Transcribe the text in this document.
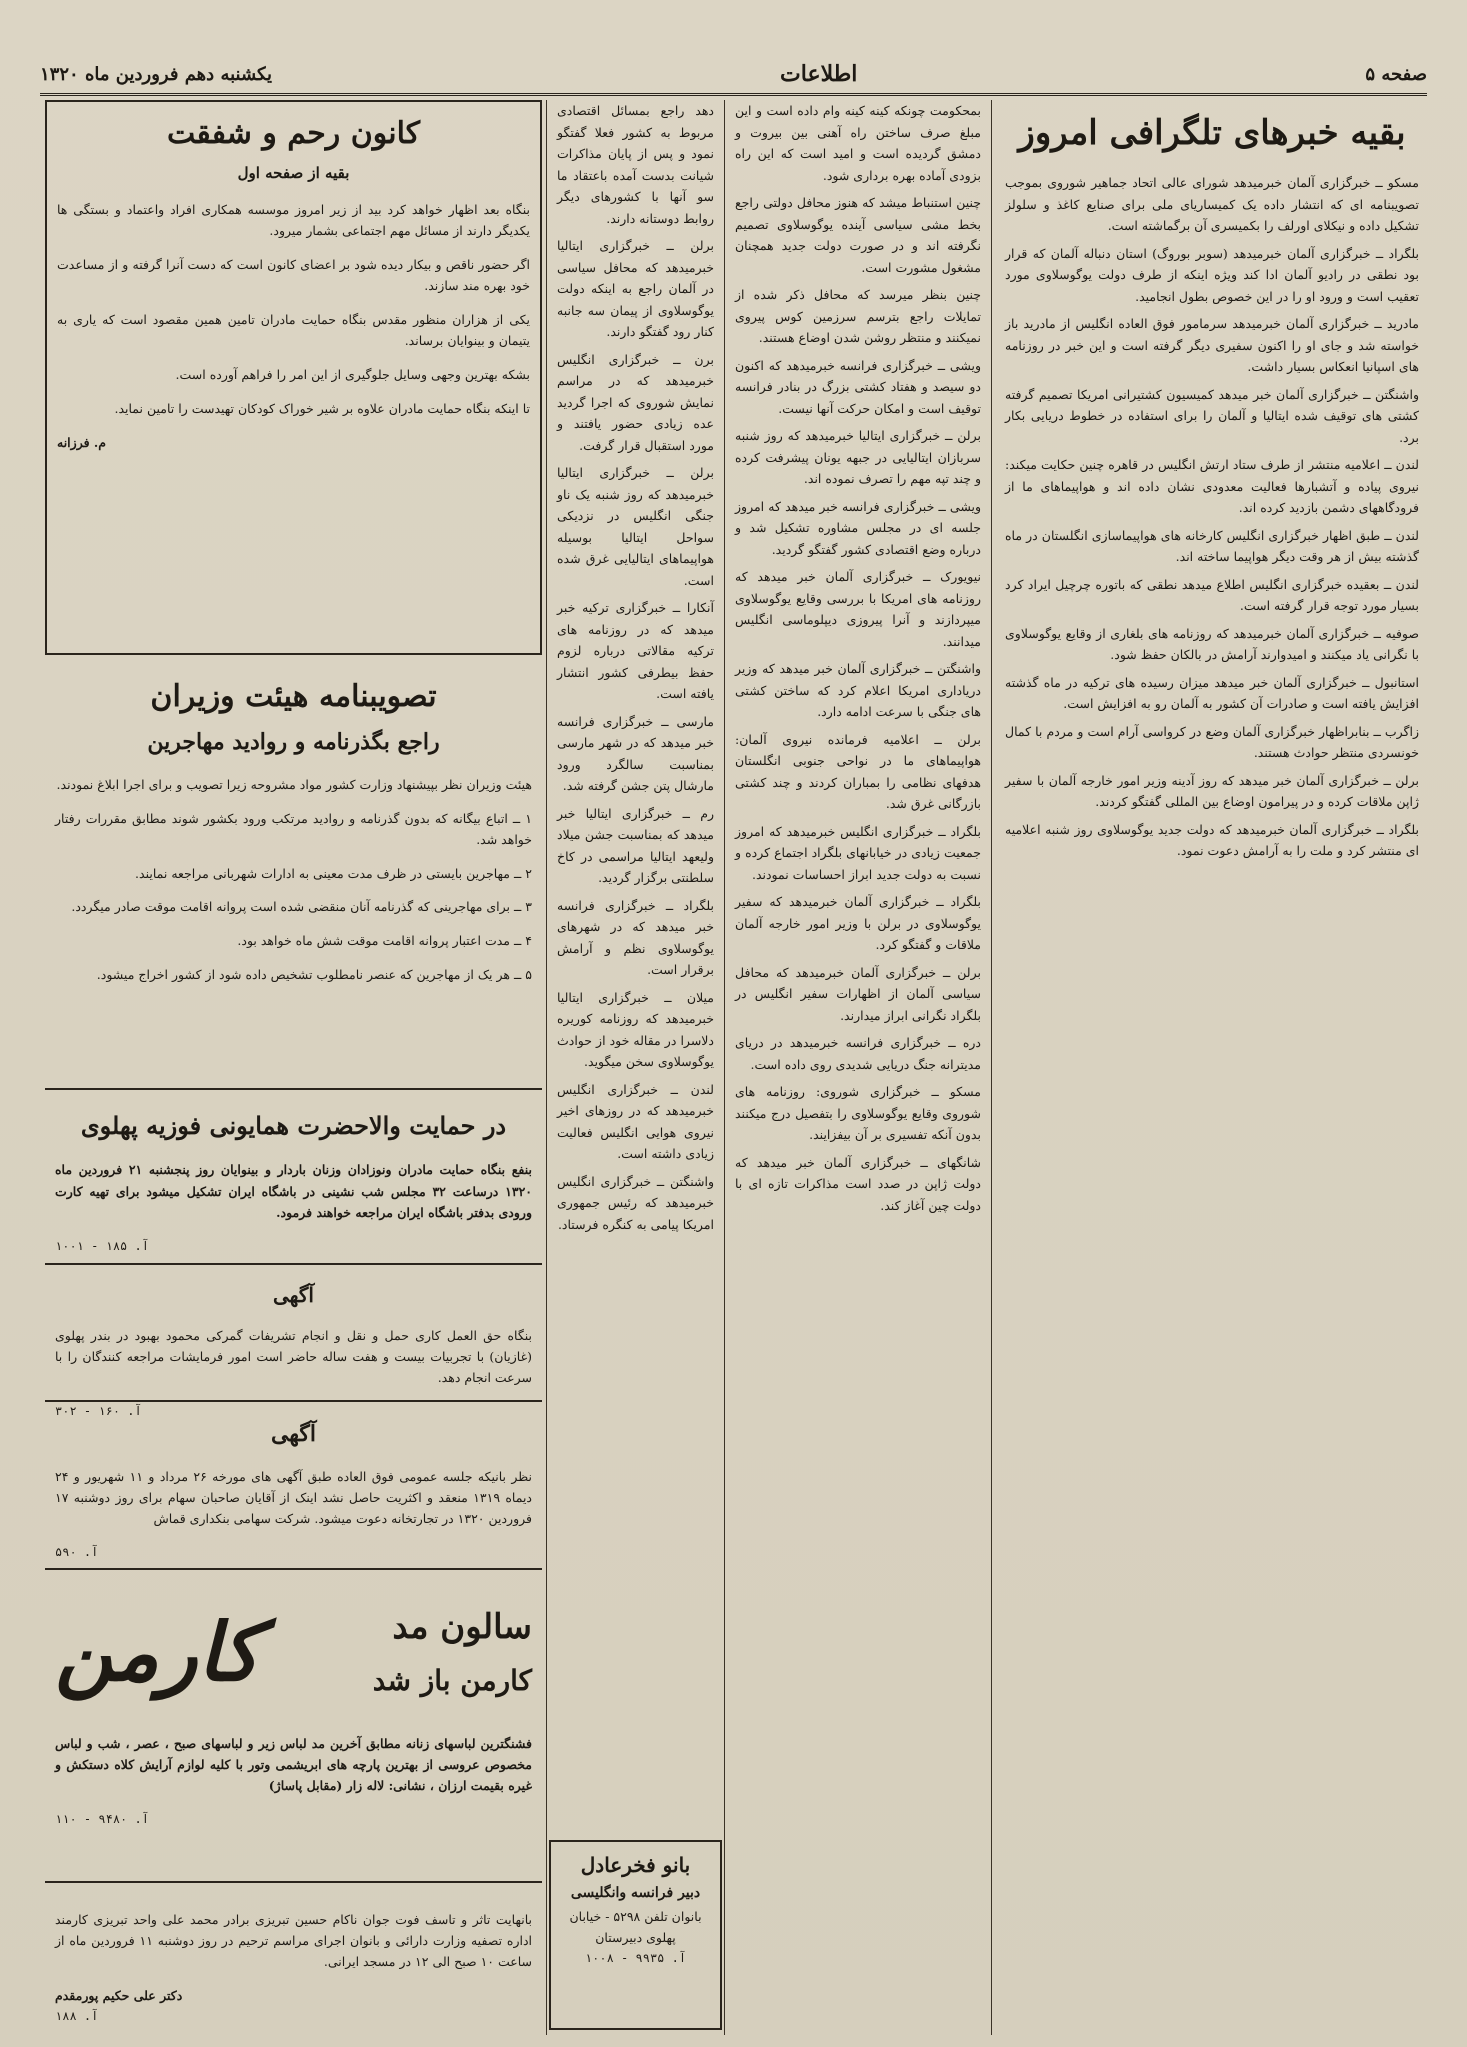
صفحه ۵
اطلاعات
یکشنبه دهم فروردین ماه ۱۳۲۰
بقیه خبرهای تلگرافی امروز

مسکو ــ خبرگزاری آلمان خبرمیدهد شورای عالی اتحاد جماهیر شوروی بموجب تصویبنامه ای که انتشار داده یک کمیساریای ملی برای صنایع کاغذ و سلولز تشکیل داده و نیکلای اورلف را بکمیسری آن برگماشته است.

بلگراد ــ خبرگزاری آلمان خبرمیدهد (سوبر بوروگ) استان دنباله آلمان که قرار بود نطقی در رادیو آلمان ادا کند ویژه اینکه از طرف دولت یوگوسلاوی مورد تعقیب است و ورود او را در این خصوص بطول انجامید.

مادرید ــ خبرگزاری آلمان خبرمیدهد سرمامور فوق العاده انگلیس از مادرید باز خواسته شد و جای او را اکنون سفیری دیگر گرفته است و این خبر در روزنامه های اسپانیا انعکاس بسیار داشت.

واشنگتن ــ خبرگزاری آلمان خبر میدهد کمیسیون کشتیرانی امریکا تصمیم گرفته کشتی های توقیف شده ایتالیا و آلمان را برای استفاده در خطوط دریایی بکار برد.

لندن ــ اعلامیه منتشر از طرف ستاد ارتش انگلیس در قاهره چنین حکایت میکند: نیروی پیاده و آتشبارها فعالیت معدودی نشان داده اند و هواپیماهای ما از فرودگاههای دشمن بازدید کرده اند.

لندن ــ طبق اظهار خبرگزاری انگلیس کارخانه های هواپیماسازی انگلستان در ماه گذشته بیش از هر وقت دیگر هواپیما ساخته اند.

لندن ــ بعقیده خبرگزاری انگلیس اطلاع میدهد نطقی که باتوره چرچیل ایراد کرد بسیار مورد توجه قرار گرفته است.

صوفیه ــ خبرگزاری آلمان خبرمیدهد که روزنامه های بلغاری از وقایع یوگوسلاوی با نگرانی یاد میکنند و امیدوارند آرامش در بالکان حفظ شود.

استانبول ــ خبرگزاری آلمان خبر میدهد میزان رسیده های ترکیه در ماه گذشته افزایش یافته است و صادرات آن کشور به آلمان رو به افزایش است.

زاگرب ــ بنابراظهار خبرگزاری آلمان وضع در کرواسی آرام است و مردم با کمال خونسردی منتظر حوادث هستند.

برلن ــ خبرگزاری آلمان خبر میدهد که روز آدینه وزیر امور خارجه آلمان با سفیر ژاپن ملاقات کرده و در پیرامون اوضاع بین المللی گفتگو کردند.

بلگراد ــ خبرگزاری آلمان خبرمیدهد که دولت جدید یوگوسلاوی روز شنبه اعلامیه ای منتشر کرد و ملت را به آرامش دعوت نمود.

بمحکومت چونکه کینه کینه وام داده است و این مبلغ صرف ساختن راه آهنی بین بیروت و دمشق گردیده است و امید است که این راه بزودی آماده بهره برداری شود.

چنین استنباط میشد که هنوز محافل دولتی راجع بخط مشی سیاسی آینده یوگوسلاوی تصمیم نگرفته اند و در صورت دولت جدید همچنان مشغول مشورت است.

چنین بنظر میرسد که محافل ذکر شده از تمایلات راجع بترسم سرزمین کوس پیروی نمیکنند و منتظر روشن شدن اوضاع هستند.

ویشی ــ خبرگزاری فرانسه خبرمیدهد که اکنون دو سیصد و هفتاد کشتی بزرگ در بنادر فرانسه توقیف است و امکان حرکت آنها نیست.

برلن ــ خبرگزاری ایتالیا خبرمیدهد که روز شنبه سربازان ایتالیایی در جبهه یونان پیشرفت کرده و چند تپه مهم را تصرف نموده اند.

ویشی ــ خبرگزاری فرانسه خبر میدهد که امروز جلسه ای در مجلس مشاوره تشکیل شد و درباره وضع اقتصادی کشور گفتگو گردید.

نیویورک ــ خبرگزاری آلمان خبر میدهد که روزنامه های امریکا با بررسی وقایع یوگوسلاوی میپردازند و آنرا پیروزی دیپلوماسی انگلیس میدانند.

واشنگتن ــ خبرگزاری آلمان خبر میدهد که وزیر دریاداری امریکا اعلام کرد که ساختن کشتی های جنگی با سرعت ادامه دارد.

برلن ــ اعلامیه فرمانده نیروی آلمان: هواپیماهای ما در نواحی جنوبی انگلستان هدفهای نظامی را بمباران کردند و چند کشتی بازرگانی غرق شد.

بلگراد ــ خبرگزاری انگلیس خبرمیدهد که امروز جمعیت زیادی در خیابانهای بلگراد اجتماع کرده و نسبت به دولت جدید ابراز احساسات نمودند.

بلگراد ــ خبرگزاری آلمان خبرمیدهد که سفیر یوگوسلاوی در برلن با وزیر امور خارجه آلمان ملاقات و گفتگو کرد.

برلن ــ خبرگزاری آلمان خبرمیدهد که محافل سیاسی آلمان از اظهارات سفیر انگلیس در بلگراد نگرانی ابراز میدارند.

دره ــ خبرگزاری فرانسه خبرمیدهد در دریای مدیترانه جنگ دریایی شدیدی روی داده است.

مسکو ــ خبرگزاری شوروی: روزنامه های شوروی وقایع یوگوسلاوی را بتفصیل درج میکنند بدون آنکه تفسیری بر آن بیفزایند.

شانگهای ــ خبرگزاری آلمان خبر میدهد که دولت ژاپن در صدد است مذاکرات تازه ای با دولت چین آغاز کند.

دهد راجع بمسائل اقتصادی مربوط به کشور فعلا گفتگو نمود و پس از پایان مذاکرات شیانت بدست آمده باعتقاد ما سو آنها با کشورهای دیگر روابط دوستانه دارند.

برلن ــ خبرگزاری ایتالیا خبرمیدهد که محافل سیاسی در آلمان راجع به اینکه دولت یوگوسلاوی از پیمان سه جانبه کنار رود گفتگو دارند.

برن ــ خبرگزاری انگلیس خبرمیدهد که در مراسم نمایش شوروی که اجرا گردید عده زیادی حضور یافتند و مورد استقبال قرار گرفت.

برلن ــ خبرگزاری ایتالیا خبرمیدهد که روز شنبه یک ناو جنگی انگلیس در نزدیکی سواحل ایتالیا بوسیله هواپیماهای ایتالیایی غرق شده است.

آنکارا ــ خبرگزاری ترکیه خبر میدهد که در روزنامه های ترکیه مقالاتی درباره لزوم حفظ بیطرفی کشور انتشار یافته است.

مارسی ــ خبرگزاری فرانسه خبر میدهد که در شهر مارسی بمناسبت سالگرد ورود مارشال پتن جشن گرفته شد.

رم ــ خبرگزاری ایتالیا خبر میدهد که بمناسبت جشن میلاد ولیعهد ایتالیا مراسمی در کاخ سلطنتی برگزار گردید.

بلگراد ــ خبرگزاری فرانسه خبر میدهد که در شهرهای یوگوسلاوی نظم و آرامش برقرار است.

میلان ــ خبرگزاری ایتالیا خبرمیدهد که روزنامه کوریره دلاسرا در مقاله خود از حوادث یوگوسلاوی سخن میگوید.

لندن ــ خبرگزاری انگلیس خبرمیدهد که در روزهای اخیر نیروی هوایی انگلیس فعالیت زیادی داشته است.

واشنگتن ــ خبرگزاری انگلیس خبرمیدهد که رئیس جمهوری امریکا پیامی به کنگره فرستاد.

بانو فخرعادل
دبیر فرانسه وانگلیسی
بانوان تلفن ۵۲۹۸ - خیابان پهلوی دبیرستان
آ. ۹۹۳۵ - ۱۰۰۸
کانون رحم و شفقت
بقیه از صفحه اول

بنگاه بعد اظهار خواهد کرد بید از زیر امروز موسسه همکاری افراد واعتماد و بستگی ها یکدیگر دارند از مسائل مهم اجتماعی بشمار میرود.

اگر حضور ناقص و بیکار دیده شود بر اعضای کانون است که دست آنرا گرفته و از مساعدت خود بهره مند سازند.

یکی از هزاران منظور مقدس بنگاه حمایت مادران تامین همین مقصود است که یاری به یتیمان و بینوایان برساند.

بشکه بهترین وجهی وسایل جلوگیری از این امر را فراهم آورده است.

تا اینکه بنگاه حمایت مادران علاوه بر شیر خوراک کودکان تهیدست را تامین نماید.

م. فرزانه
تصویبنامه هیئت وزیران
راجع بگذرنامه و روادید مهاجرین

هیئت وزیران نظر بپیشنهاد وزارت کشور مواد مشروحه زیرا تصویب و برای اجرا ابلاغ نمودند.

۱ ــ اتباع بیگانه که بدون گذرنامه و روادید مرتکب ورود بکشور شوند مطابق مقررات رفتار خواهد شد.

۲ ــ مهاجرین بایستی در ظرف مدت معینی به ادارات شهربانی مراجعه نمایند.

۳ ــ برای مهاجرینی که گذرنامه آنان منقضی شده است پروانه اقامت موقت صادر میگردد.

۴ ــ مدت اعتبار پروانه اقامت موقت شش ماه خواهد بود.

۵ ــ هر یک از مهاجرین که عنصر نامطلوب تشخیص داده شود از کشور اخراج میشود.

در حمایت والاحضرت همایونی فوزیه پهلوی

بنفع بنگاه حمایت مادران ونوزادان وزنان باردار و بینوایان روز پنجشنبه ۲۱ فروردین ماه ۱۳۲۰ درساعت ۳۲ مجلس شب نشینی در باشگاه ایران تشکیل میشود برای تهیه کارت ورودی بدفتر باشگاه ایران مراجعه خواهند فرمود.

آ. ۱۸۵ - ۱۰۰۱
آگهی

بنگاه حق العمل کاری حمل و نقل و انجام تشریفات گمرکی محمود بهبود در بندر پهلوی (غازیان) با تجربیات بیست و هفت ساله حاضر است امور فرمایشات مراجعه کنندگان را با سرعت انجام دهد.

آ. ۱۶۰ - ۳۰۲
آگهی

نظر بانیکه جلسه عمومی فوق العاده طبق آگهی های مورخه ۲۶ مرداد و ۱۱ شهریور و ۲۴ دیماه ۱۳۱۹ منعقد و اکثریت حاصل نشد اینک از آقایان صاحبان سهام برای روز دوشنبه ۱۷ فروردین ۱۳۲۰ در تجارتخانه دعوت میشود. شرکت سهامی بنکداری قماش

آ. ۵۹۰
سالون مد
کارمن باز شد
کارمن

فشنگترین لباسهای زنانه مطابق آخرین مد لباس زیر و لباسهای صبح ، عصر ، شب و لباس مخصوص عروسی از بهترین پارچه های ابریشمی وتور با کلیه لوازم آرایش کلاه دستکش و غیره بقیمت ارزان ، نشانی: لاله زار (مقابل پاساژ)

آ. ۹۴۸۰ - ۱۱۰

بانهایت تاثر و تاسف فوت جوان ناکام حسین تبریزی برادر محمد علی واحد تبریزی کارمند اداره تصفیه وزارت دارائی و بانوان اجرای مراسم ترحیم در روز دوشنبه ۱۱ فروردین ماه از ساعت ۱۰ صبح الی ۱۲ در مسجد ایرانی.

دکتر علی حکیم پورمقدم
آ. ۱۸۸
